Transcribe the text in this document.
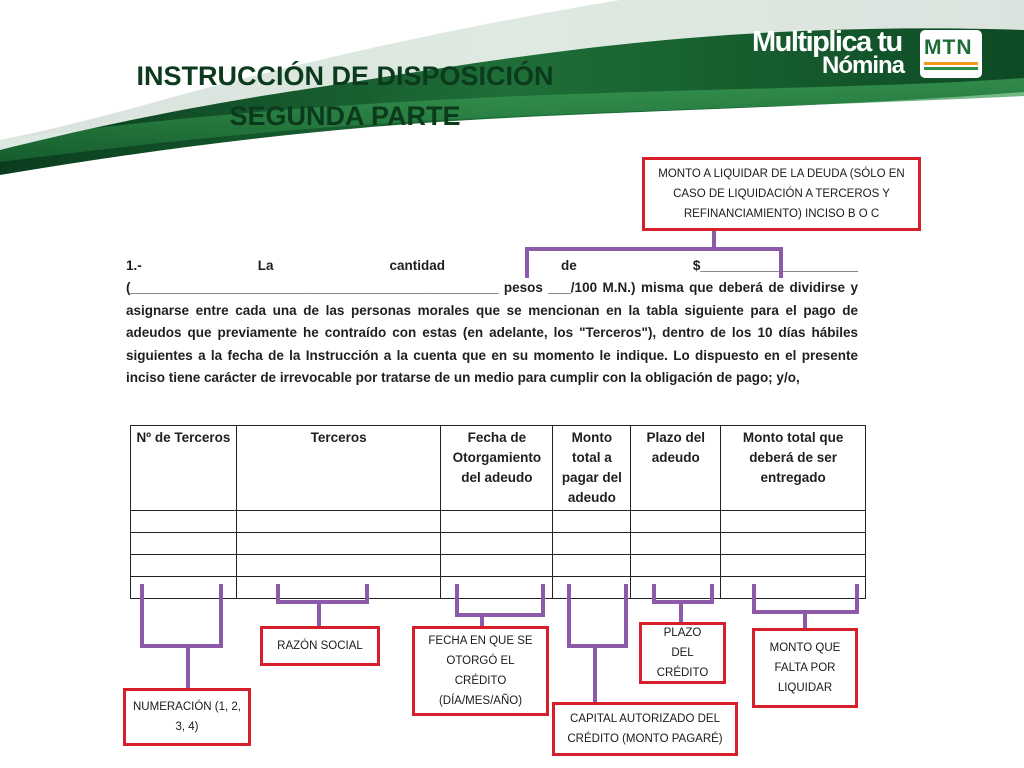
INSTRUCCIÓN DE DISPOSICIÓN
SEGUNDA PARTE
Multiplica tu
Nómina
MTN
MONTO A LIQUIDAR DE LA DEUDA (SÓLO EN CASO DE LIQUIDACIÓN A TERCEROS Y REFINANCIAMIENTO) INCISO B O C
1.-	La	cantidad	de	$_____________________

(_________________________________________________ pesos ___/100 M.N.) misma que deberá de dividirse y asignarse entre cada una de las personas morales que se mencionan en la tabla siguiente para el pago de adeudos que previamente he contraído con estas (en adelante, los "Terceros"), dentro de los 10 días hábiles siguientes a la fecha de la Instrucción a la cuenta que en su momento le indique. Lo dispuesto en el presente inciso tiene carácter de irrevocable por tratarse de un medio para cumplir con la obligación de pago; y/o,

Nº de Terceros	Terceros	Fecha de Otorgamiento del adeudo	Monto total a pagar del adeudo	Plazo del adeudo	Monto total que deberá de ser entregado

RAZÓN SOCIAL	FECHA EN QUE SE OTORGÓ EL CRÉDITO (DÍA/MES/AÑO)
PLAZO DEL CRÉDITO
MONTO QUE FALTA POR LIQUIDAR
NUMERACIÓN (1, 2, 3, 4)
CAPITAL AUTORIZADO DEL CRÉDITO (MONTO PAGARÉ)
